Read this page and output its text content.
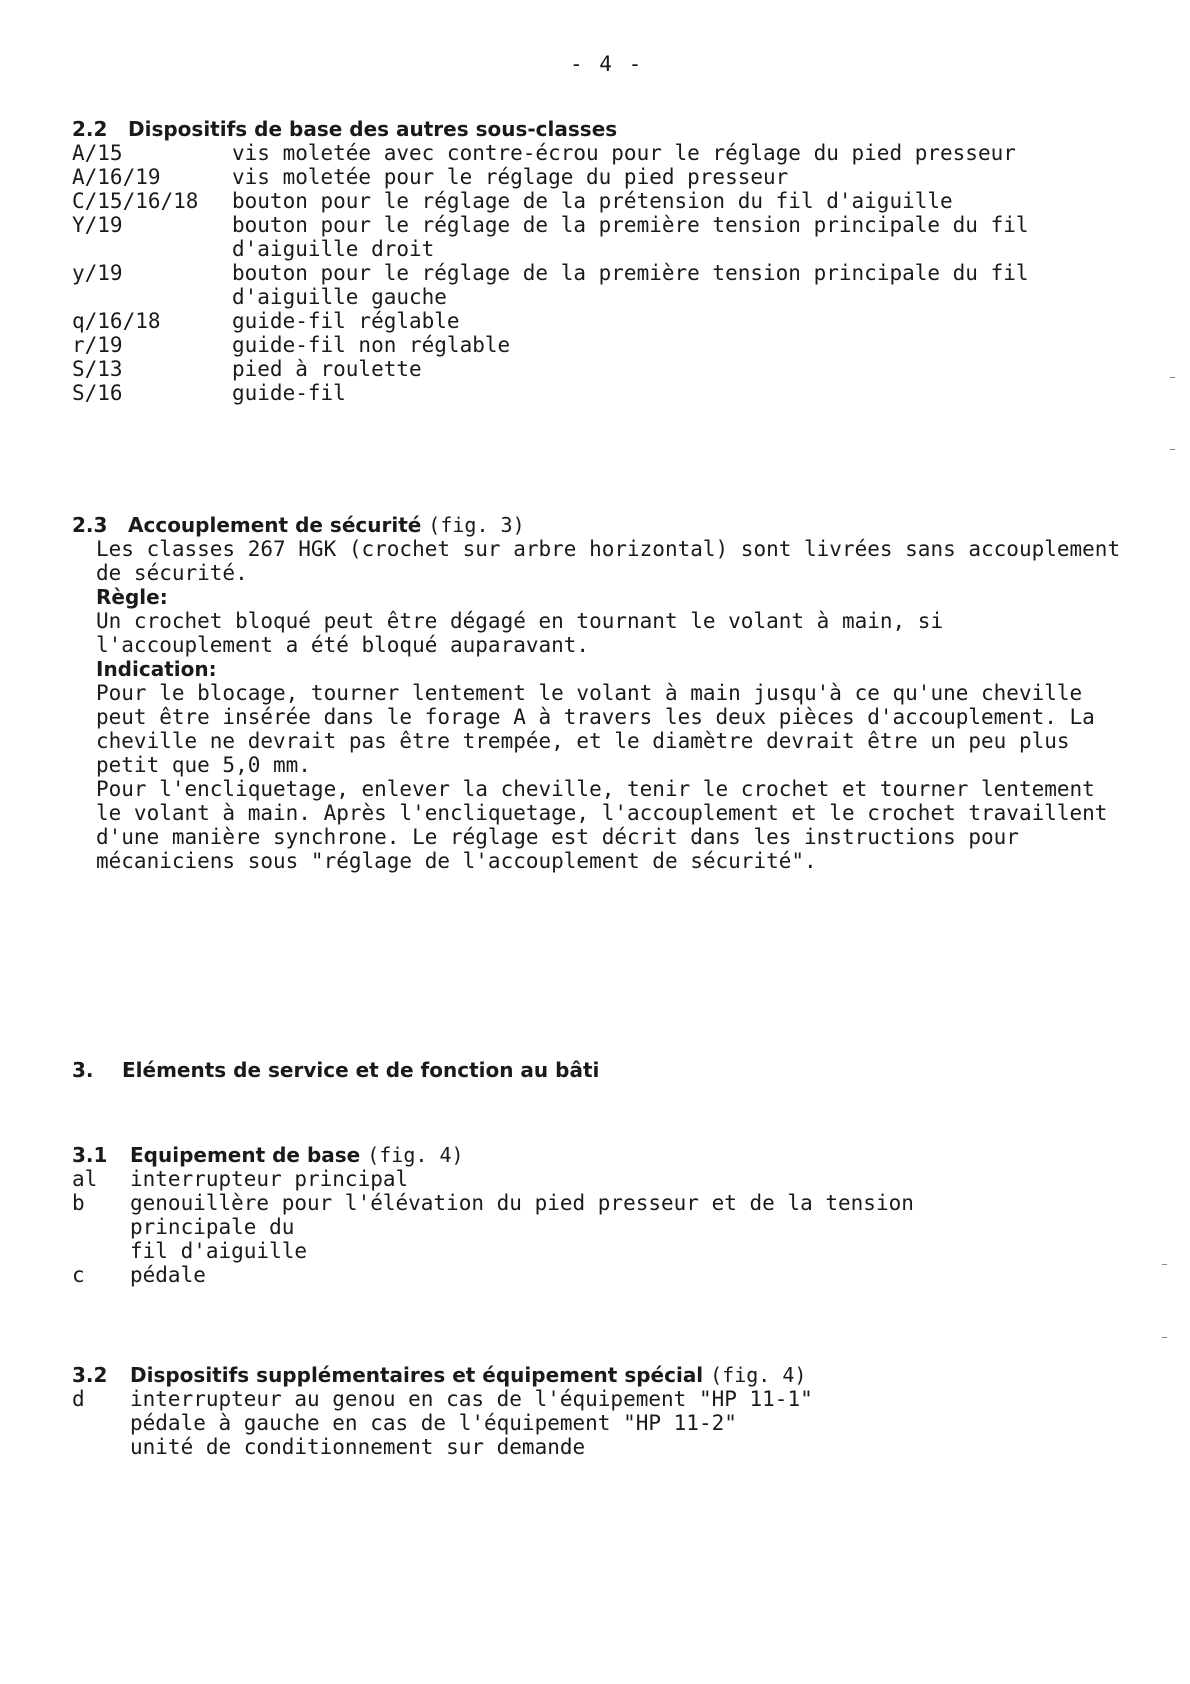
- 4 -
2.2 Dispositifs de base des autres sous-classes
A/15	vis moletée avec contre-écrou pour le réglage du pied presseur
A/16/19	vis moletée pour le réglage du pied presseur
C/15/16/18	bouton pour le réglage de la prétension du fil d'aiguille
Y/19	bouton pour le réglage de la première tension principale du fil
d'aiguille droit
y/19	bouton pour le réglage de la première tension principale du fil
d'aiguille gauche
q/16/18	guide-fil réglable
r/19	guide-fil non réglable
S/13	pied à roulette
S/16	guide-fil
2.3 Accouplement de sécurité (fig. 3)
Les classes 267 HGK (crochet sur arbre horizontal) sont livrées sans accouplement
de sécurité.
Règle:
Un crochet bloqué peut être dégagé en tournant le volant à main, si
l'accouplement a été bloqué auparavant.
Indication:
Pour le blocage, tourner lentement le volant à main jusqu'à ce qu'une cheville
peut être insérée dans le forage A à travers les deux pièces d'accouplement. La
cheville ne devrait pas être trempée, et le diamètre devrait être un peu plus
petit que 5,0 mm.
Pour l'encliquetage, enlever la cheville, tenir le crochet et tourner lentement
le volant à main. Après l'encliquetage, l'accouplement et le crochet travaillent
d'une manière synchrone. Le réglage est décrit dans les instructions pour
mécaniciens sous "réglage de l'accouplement de sécurité".
3. Eléments de service et de fonction au bâti
3.1 Equipement de base (fig. 4)
al	interrupteur principal
b	genouillère pour l'élévation du pied presseur et de la tension principale du
fil d'aiguille
c	pédale
3.2 Dispositifs supplémentaires et équipement spécial (fig. 4)
d	interrupteur au genou en cas de l'équipement "HP 11-1"
pédale à gauche en cas de l'équipement "HP 11-2"
unité de conditionnement sur demande
